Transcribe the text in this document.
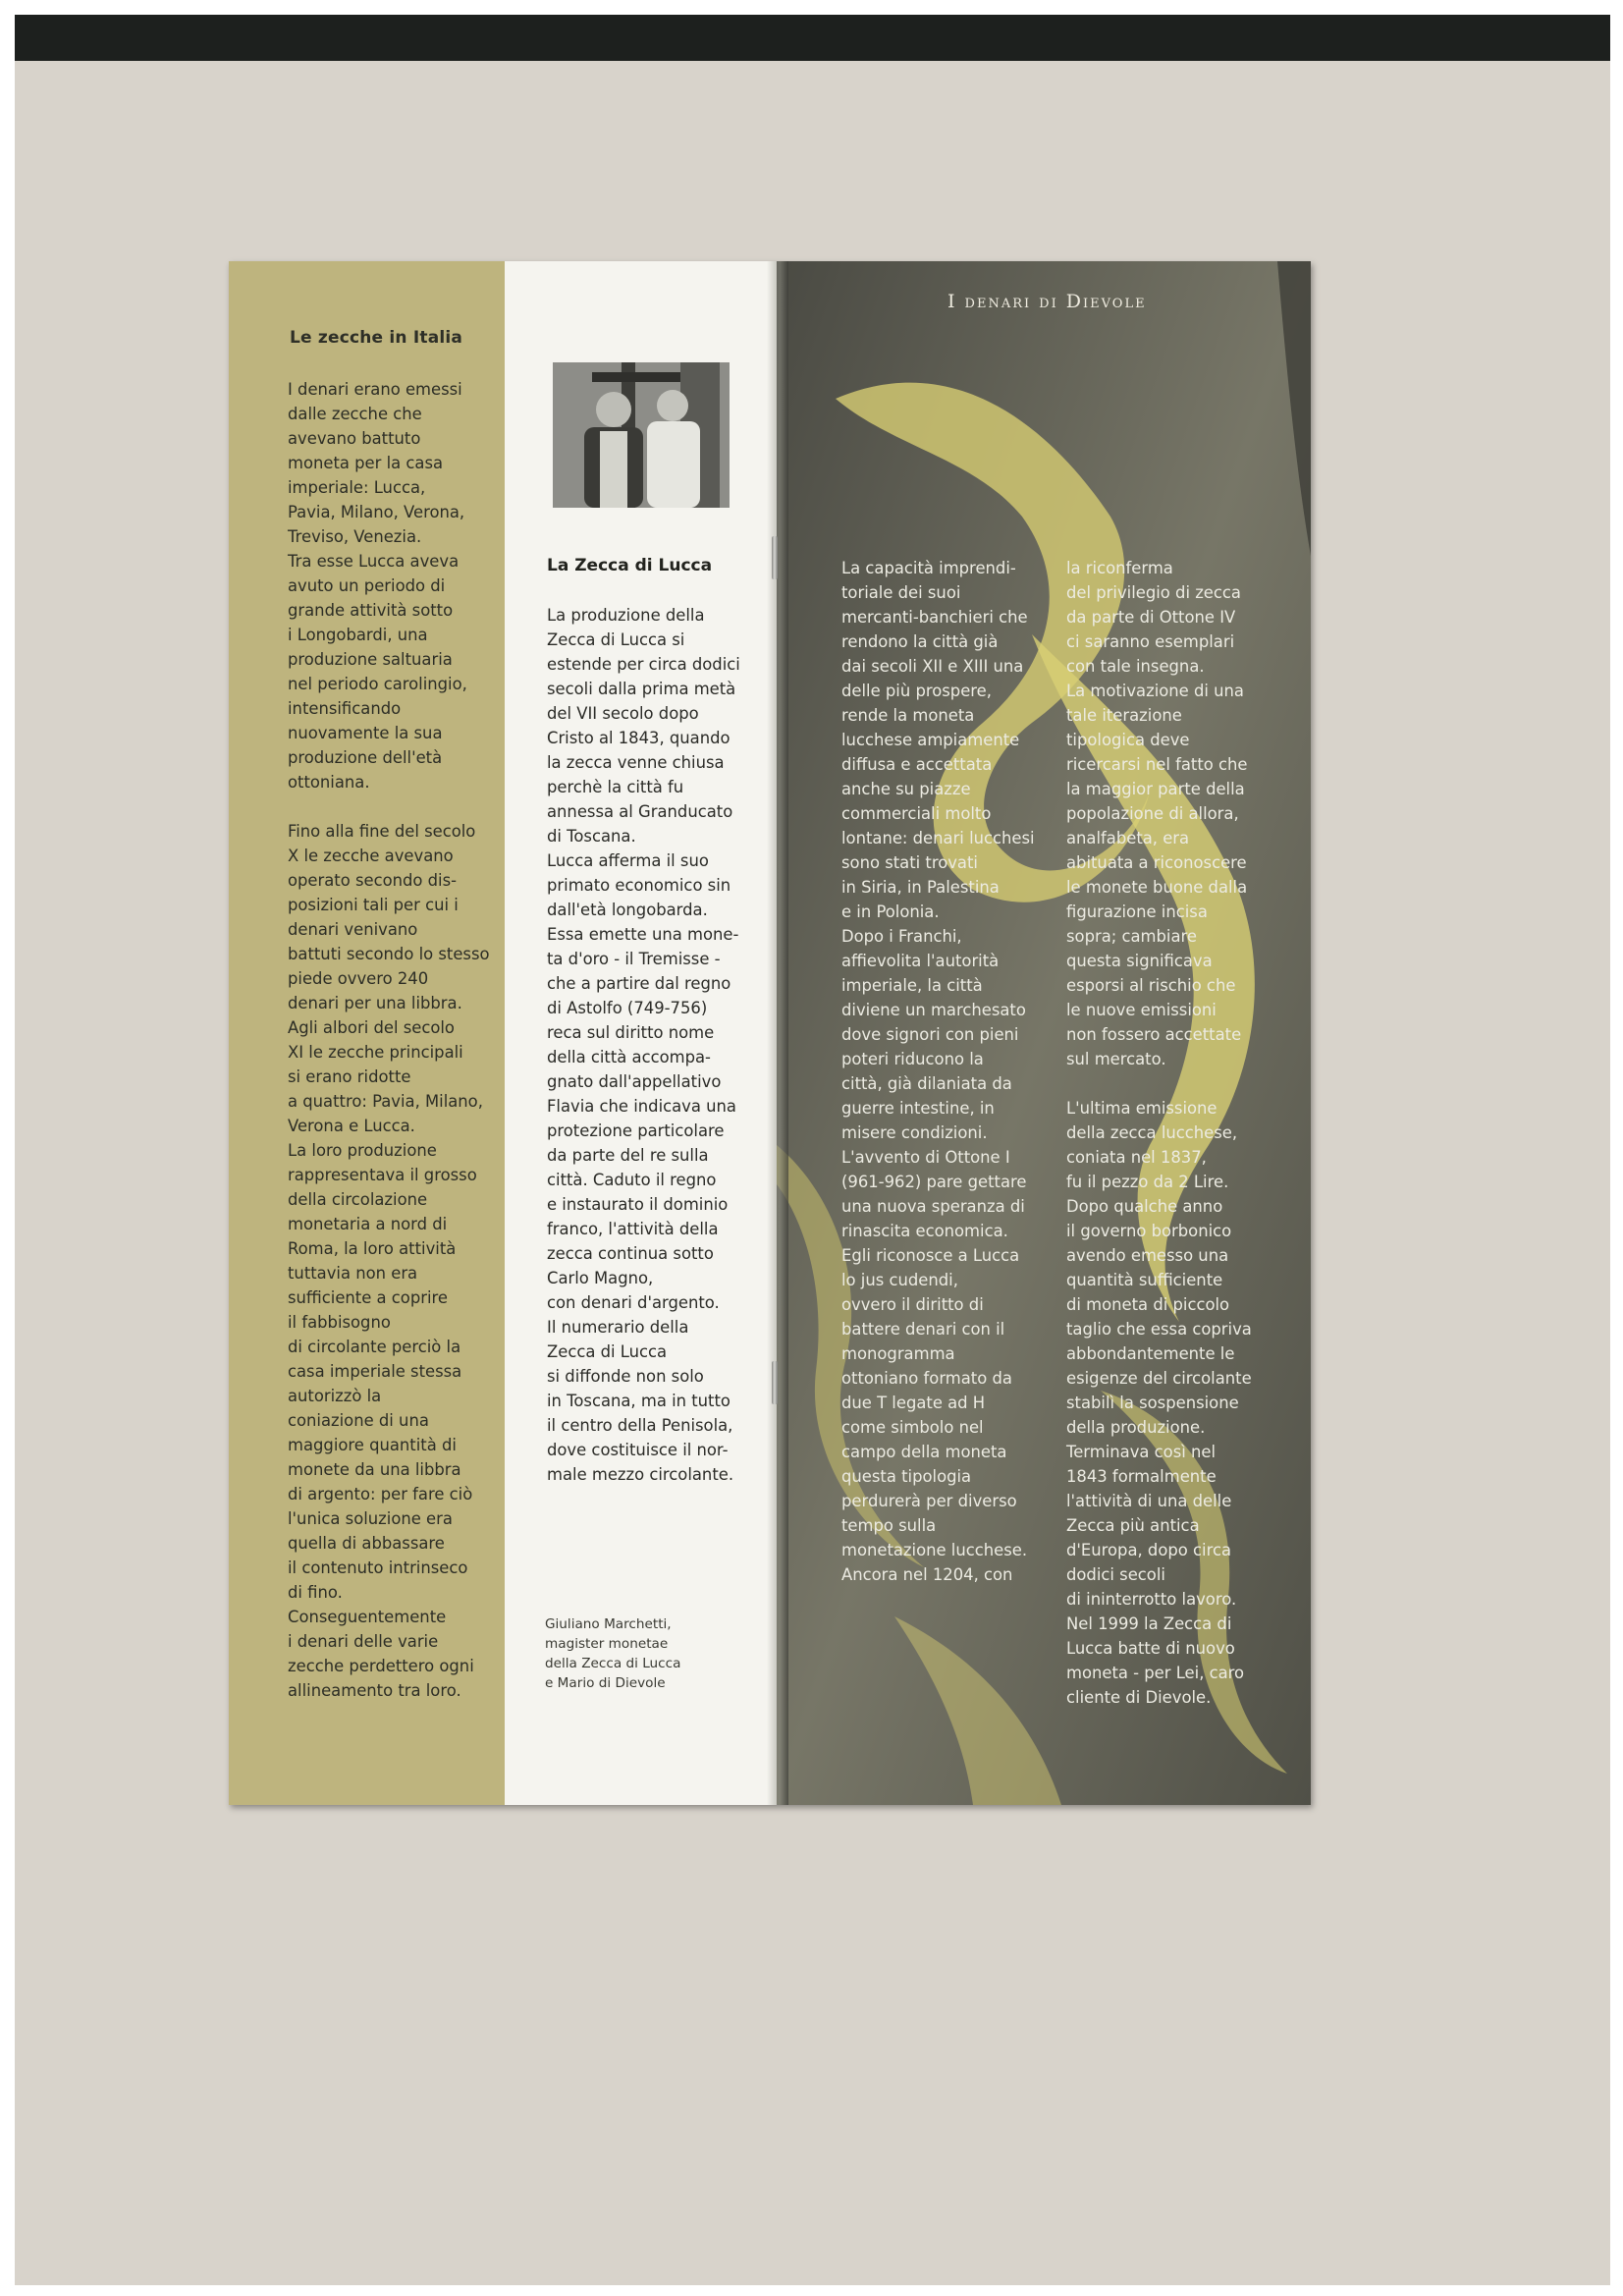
Le zecche in Italia
I denari erano emessi
dalle zecche che
avevano battuto
moneta per la casa
imperiale: Lucca,
Pavia, Milano, Verona,
Treviso, Venezia.
Tra esse Lucca aveva
avuto un periodo di
grande attività sotto
i Longobardi, una
produzione saltuaria
nel periodo carolingio,
intensificando
nuovamente la sua
produzione dell'età
ottoniana.

Fino alla fine del secolo
X le zecche avevano
operato secondo dis-
posizioni tali per cui i
denari venivano
battuti secondo lo stesso
piede ovvero 240
denari per una libbra.
Agli albori del secolo
XI le zecche principali
si erano ridotte
a quattro: Pavia, Milano,
Verona e Lucca.
La loro produzione
rappresentava il grosso
della circolazione
monetaria a nord di
Roma, la loro attività
tuttavia non era
sufficiente a coprire
il fabbisogno
di circolante perciò la
casa imperiale stessa
autorizzò la
coniazione di una
maggiore quantità di
monete da una libbra
di argento: per fare ciò
l'unica soluzione era
quella di abbassare
il contenuto intrinseco
di fino.
Conseguentemente
i denari delle varie
zecche perdettero ogni
allineamento tra loro.
La Zecca di Lucca
La produzione della
Zecca di Lucca si
estende per circa dodici
secoli dalla prima metà
del VII secolo dopo
Cristo al 1843, quando
la zecca venne chiusa
perchè la città fu
annessa al Granducato
di Toscana.
Lucca afferma il suo
primato economico sin
dall'età longobarda.
Essa emette una mone-
ta d'oro - il Tremisse -
che a partire dal regno
di Astolfo (749-756)
reca sul diritto nome
della città accompa-
gnato dall'appellativo
Flavia che indicava una
protezione particolare
da parte del re sulla
città. Caduto il regno
e instaurato il dominio
franco, l'attività della
zecca continua sotto
Carlo Magno,
con denari d'argento.
Il numerario della
Zecca di Lucca
si diffonde non solo
in Toscana, ma in tutto
il centro della Penisola,
dove costituisce il nor-
male mezzo circolante.
Giuliano Marchetti,
magister monetae
della Zecca di Lucca
e Mario di Dievole
I denari di Dievole
La capacità imprendi-
toriale dei suoi
mercanti-banchieri che
rendono la città già
dai secoli XII e XIII una
delle più prospere,
rende la moneta
lucchese ampiamente
diffusa e accettata
anche su piazze
commerciali molto
lontane: denari lucchesi
sono stati trovati
in Siria, in Palestina
e in Polonia.
Dopo i Franchi,
affievolita l'autorità
imperiale, la città
diviene un marchesato
dove signori con pieni
poteri riducono la
città, già dilaniata da
guerre intestine, in
misere condizioni.
L'avvento di Ottone I
(961-962) pare gettare
una nuova speranza di
rinascita economica.
Egli riconosce a Lucca
lo jus cudendi,
ovvero il diritto di
battere denari con il
monogramma
ottoniano formato da
due T legate ad H
come simbolo nel
campo della moneta
questa tipologia
perdurerà per diverso
tempo sulla
monetazione lucchese.
Ancora nel 1204, con
la riconferma
del privilegio di zecca
da parte di Ottone IV
ci saranno esemplari
con tale insegna.
La motivazione di una
tale iterazione
tipologica deve
ricercarsi nel fatto che
la maggior parte della
popolazione di allora,
analfabeta, era
abituata a riconoscere
le monete buone dalla
figurazione incisa
sopra; cambiare
questa significava
esporsi al rischio che
le nuove emissioni
non fossero accettate
sul mercato.

L'ultima emissione
della zecca lucchese,
coniata nel 1837,
fu il pezzo da 2 Lire.
Dopo qualche anno
il governo borbonico
avendo emesso una
quantità sufficiente
di moneta di piccolo
taglio che essa copriva
abbondantemente le
esigenze del circolante
stabilì la sospensione
della produzione.
Terminava così nel
1843 formalmente
l'attività di una delle
Zecca più antica
d'Europa, dopo circa
dodici secoli
di ininterrotto lavoro.
Nel 1999 la Zecca di
Lucca batte di nuovo
moneta - per Lei, caro
cliente di Dievole.
